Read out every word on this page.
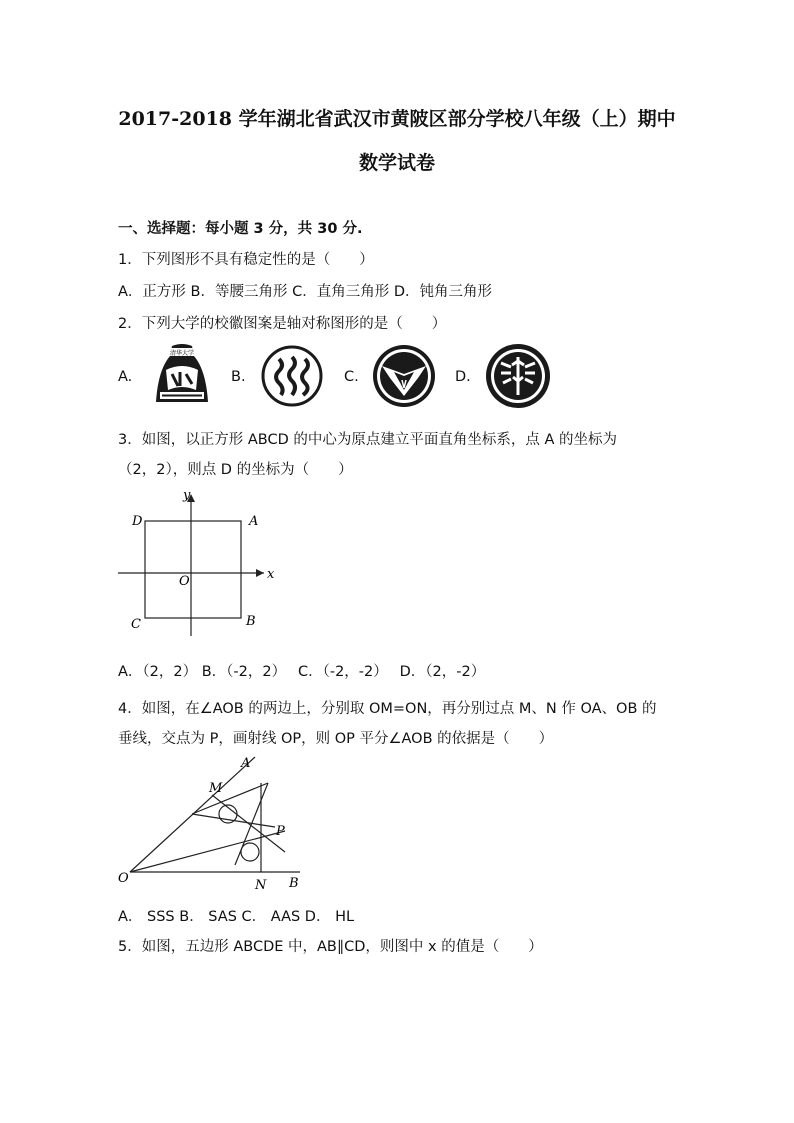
2017-2018 学年湖北省武汉市黄陂区部分学校八年级（上）期中
数学试卷
一、选择题：每小题 3 分，共 30 分.
1．下列图形不具有稳定性的是（　　）
A．正方形 B．等腰三角形 C．直角三角形 D．钝角三角形
2．下列大学的校徽图案是轴对称图形的是（　　）
A.
清华大学
B.	C.	D.
3．如图，以正方形 ABCD 的中心为原点建立平面直角坐标系，点 A 的坐标为
（2，2），则点 D 的坐标为（　　）
D	A
C	B
O	x
y
A．（2，2） B．（-2，2）　 C．（-2，-2）　 D．（2，-2）
4．如图，在∠AOB 的两边上，分别取 OM=ON，再分别过点 M、N 作 OA、OB 的
垂线，交点为 P，画射线 OP，则 OP 平分∠AOB 的依据是（　　）
A
M
P
O	N B
A． SSS B． SAS C． AAS D． HL
5．如图，五边形 ABCDE 中，AB∥CD，则图中 x 的值是（　　）
